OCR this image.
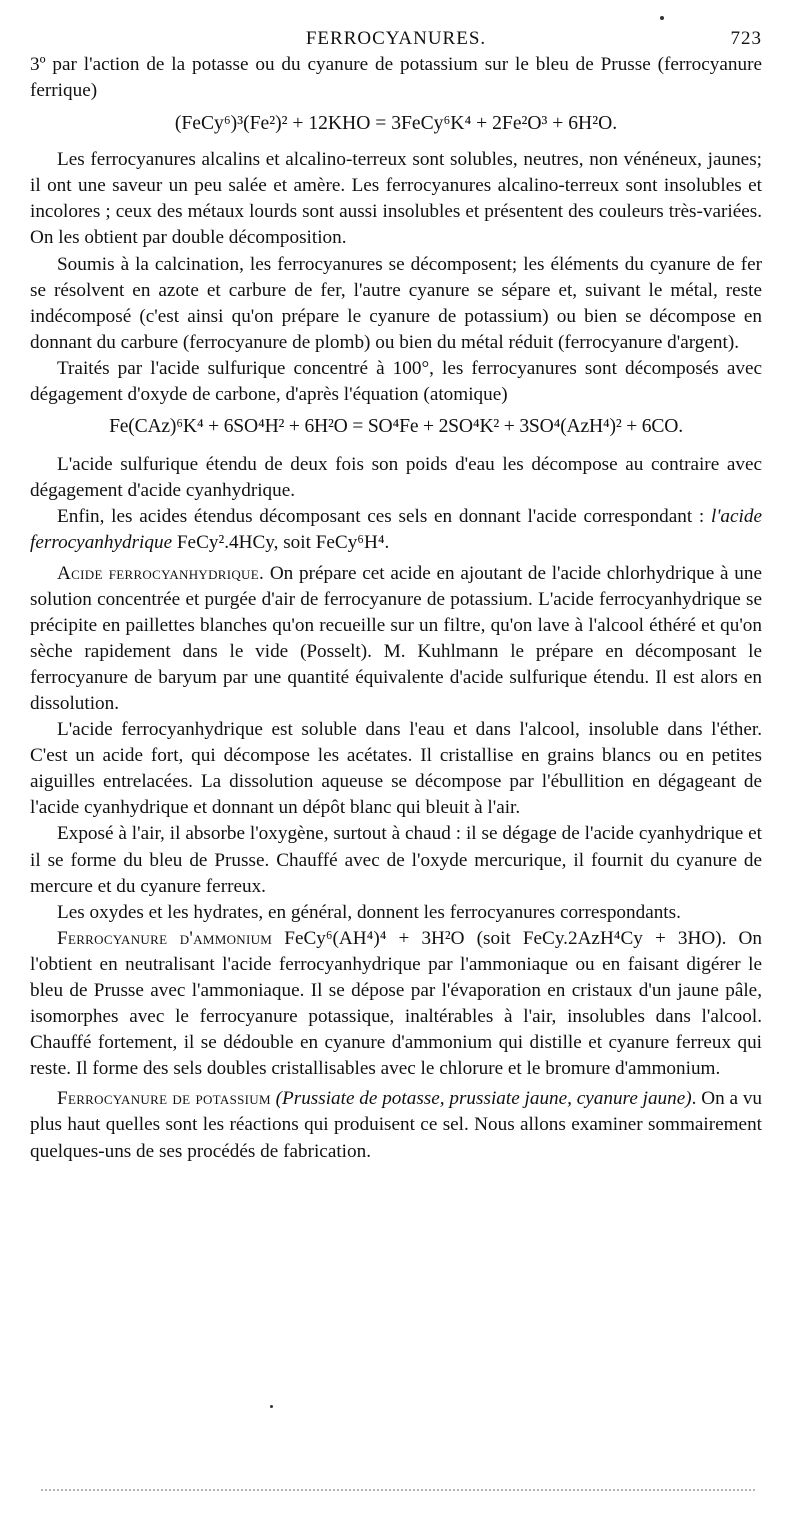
FERROCYANURES.	723

3º par l'action de la potasse ou du cyanure de potassium sur le bleu de Prusse (ferrocyanure ferrique)

(FeCy⁶)³(Fe²)² + 12KHO = 3FeCy⁶K⁴ + 2Fe²O³ + 6H²O.

Les ferrocyanures alcalins et alcalino-terreux sont solubles, neutres, non vénéneux, jaunes; il ont une saveur un peu salée et amère. Les ferrocyanures alcalino-terreux sont insolubles et incolores ; ceux des métaux lourds sont aussi insolubles et présentent des couleurs très-variées. On les obtient par double décomposition.

Soumis à la calcination, les ferrocyanures se décomposent; les éléments du cyanure de fer se résolvent en azote et carbure de fer, l'autre cyanure se sépare et, suivant le métal, reste indécomposé (c'est ainsi qu'on prépare le cyanure de potassium) ou bien se décompose en donnant du carbure (ferrocyanure de plomb) ou bien du métal réduit (ferrocyanure d'argent).

Traités par l'acide sulfurique concentré à 100°, les ferrocyanures sont décomposés avec dégagement d'oxyde de carbone, d'après l'équation (atomique)

Fe(CAz)⁶K⁴ + 6SO⁴H² + 6H²O = SO⁴Fe + 2SO⁴K² + 3SO⁴(AzH⁴)² + 6CO.

L'acide sulfurique étendu de deux fois son poids d'eau les décompose au contraire avec dégagement d'acide cyanhydrique.

Enfin, les acides étendus décomposant ces sels en donnant l'acide correspondant : l'acide ferrocyanhydrique FeCy².4HCy, soit FeCy⁶H⁴.

Acide ferrocyanhydrique. On prépare cet acide en ajoutant de l'acide chlorhydrique à une solution concentrée et purgée d'air de ferrocyanure de potassium. L'acide ferrocyanhydrique se précipite en paillettes blanches qu'on recueille sur un filtre, qu'on lave à l'alcool éthéré et qu'on sèche rapidement dans le vide (Posselt). M. Kuhlmann le prépare en décomposant le ferrocyanure de baryum par une quantité équivalente d'acide sulfurique étendu. Il est alors en dissolution.

L'acide ferrocyanhydrique est soluble dans l'eau et dans l'alcool, insoluble dans l'éther. C'est un acide fort, qui décompose les acétates. Il cristallise en grains blancs ou en petites aiguilles entrelacées. La dissolution aqueuse se décompose par l'ébullition en dégageant de l'acide cyanhydrique et donnant un dépôt blanc qui bleuit à l'air.

Exposé à l'air, il absorbe l'oxygène, surtout à chaud : il se dégage de l'acide cyanhydrique et il se forme du bleu de Prusse. Chauffé avec de l'oxyde mercurique, il fournit du cyanure de mercure et du cyanure ferreux.

Les oxydes et les hydrates, en général, donnent les ferrocyanures correspondants.

Ferrocyanure d'ammonium FeCy⁶(AH⁴)⁴ + 3H²O (soit FeCy.2AzH⁴Cy + 3HO). On l'obtient en neutralisant l'acide ferrocyanhydrique par l'ammoniaque ou en faisant digérer le bleu de Prusse avec l'ammoniaque. Il se dépose par l'évaporation en cristaux d'un jaune pâle, isomorphes avec le ferrocyanure potassique, inaltérables à l'air, insolubles dans l'alcool. Chauffé fortement, il se dédouble en cyanure d'ammonium qui distille et cyanure ferreux qui reste. Il forme des sels doubles cristallisables avec le chlorure et le bromure d'ammonium.

Ferrocyanure de potassium (Prussiate de potasse, prussiate jaune, cyanure jaune). On a vu plus haut quelles sont les réactions qui produisent ce sel. Nous allons examiner sommairement quelques-uns de ses procédés de fabrication.
